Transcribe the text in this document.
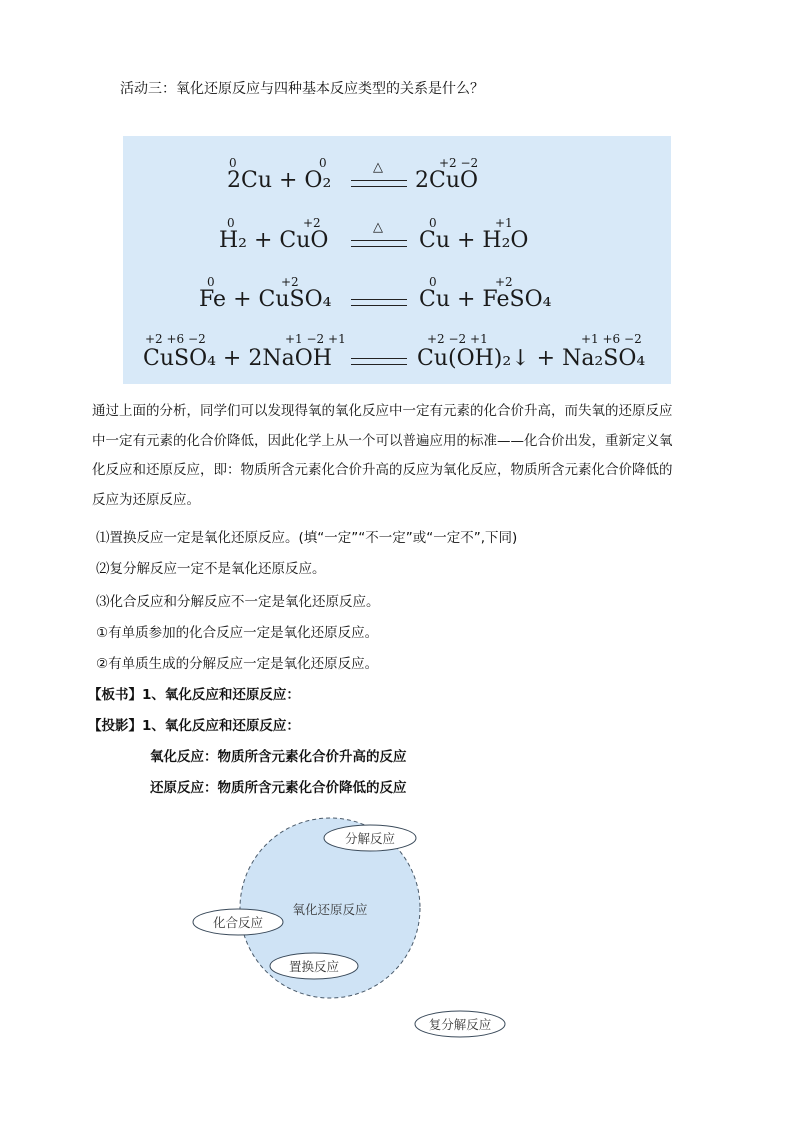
活动三：氧化还原反应与四种基本反应类型的关系是什么？
0	0
2Cu + O₂
△	+2 −2
2CuO
0	+2
H₂ + CuO
△	0	+1
Cu + H₂O
0	+2
Fe + CuSO₄
0	+2
Cu + FeSO₄
+2 +6 −2	+1 −2 +1
CuSO₄ + 2NaOH
+2 −2 +1	+1 +6 −2
Cu(OH)₂↓ + Na₂SO₄
通过上面的分析，同学们可以发现得氧的氧化反应中一定有元素的化合价升高，而失氧的还原反应
中一定有元素的化合价降低，因此化学上从一个可以普遍应用的标准——化合价出发，重新定义氧
化反应和还原反应，即：物质所含元素化合价升高的反应为氧化反应，物质所含元素化合价降低的
反应为还原反应。
⑴置换反应一定是氧化还原反应。(填“一定”“不一定”或“一定不”,下同)
⑵复分解反应一定不是氧化还原反应。
⑶化合反应和分解反应不一定是氧化还原反应。
①有单质参加的化合反应一定是氧化还原反应。
②有单质生成的分解反应一定是氧化还原反应。
【板书】1、氧化反应和还原反应：
【投影】1、氧化反应和还原反应：
氧化反应：物质所含元素化合价升高的反应
还原反应：物质所含元素化合价降低的反应
氧化还原反应
分解反应
化合反应
置换反应
复分解反应
